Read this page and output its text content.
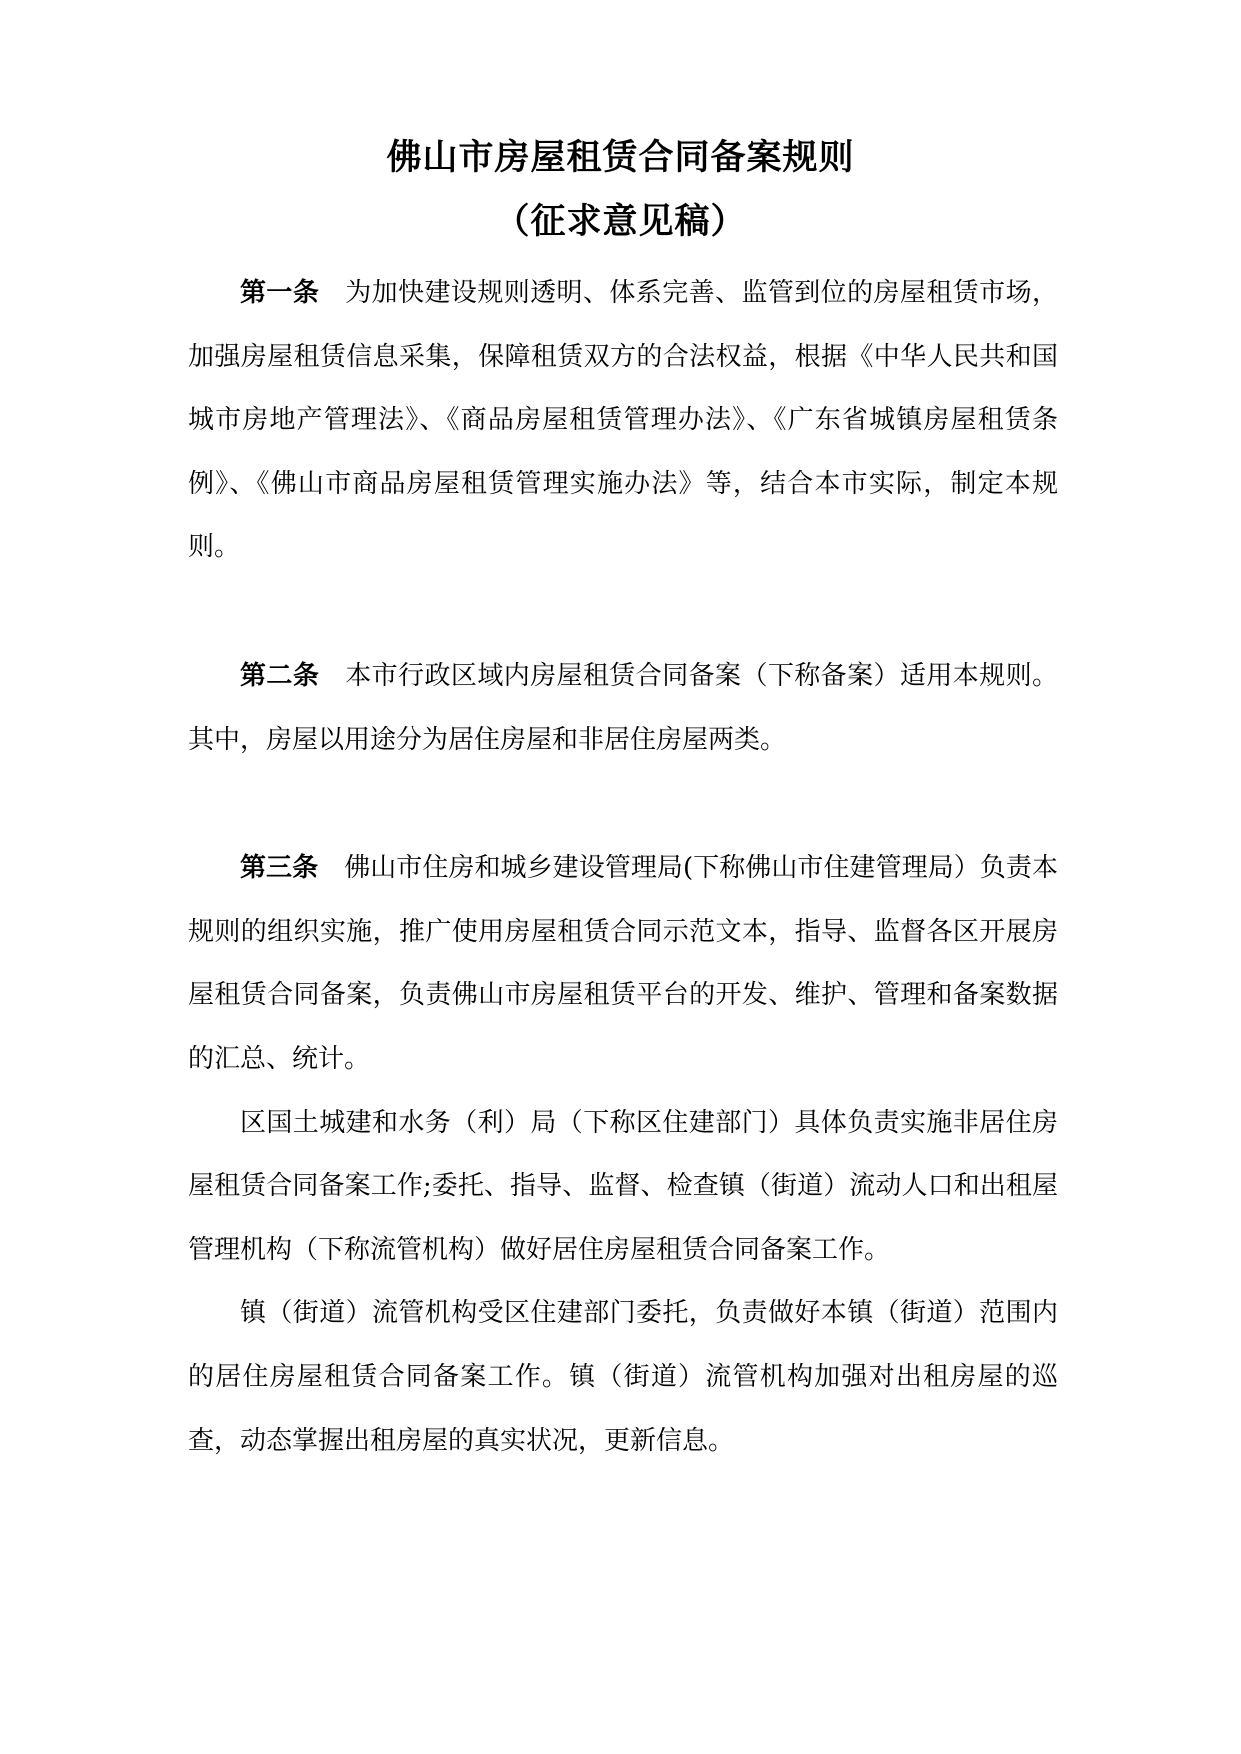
佛山市房屋租赁合同备案规则
（征求意见稿）

第一条 为加快建设规则透明、体系完善、监管到位的房屋租赁市场，加强房屋租赁信息采集，保障租赁双方的合法权益，根据《中华人民共和国城市房地产管理法》、《商品房屋租赁管理办法》、《广东省城镇房屋租赁条例》、《佛山市商品房屋租赁管理实施办法》等，结合本市实际，制定本规则。

第二条 本市行政区域内房屋租赁合同备案（下称备案）适用本规则。其中，房屋以用途分为居住房屋和非居住房屋两类。

第三条 佛山市住房和城乡建设管理局(下称佛山市住建管理局）负责本规则的组织实施，推广使用房屋租赁合同示范文本，指导、监督各区开展房屋租赁合同备案，负责佛山市房屋租赁平台的开发、维护、管理和备案数据的汇总、统计。

区国土城建和水务（利）局（下称区住建部门）具体负责实施非居住房屋租赁合同备案工作;委托、指导、监督、检查镇（街道）流动人口和出租屋管理机构（下称流管机构）做好居住房屋租赁合同备案工作。

镇（街道）流管机构受区住建部门委托，负责做好本镇（街道）范围内的居住房屋租赁合同备案工作。镇（街道）流管机构加强对出租房屋的巡查，动态掌握出租房屋的真实状况，更新信息。
